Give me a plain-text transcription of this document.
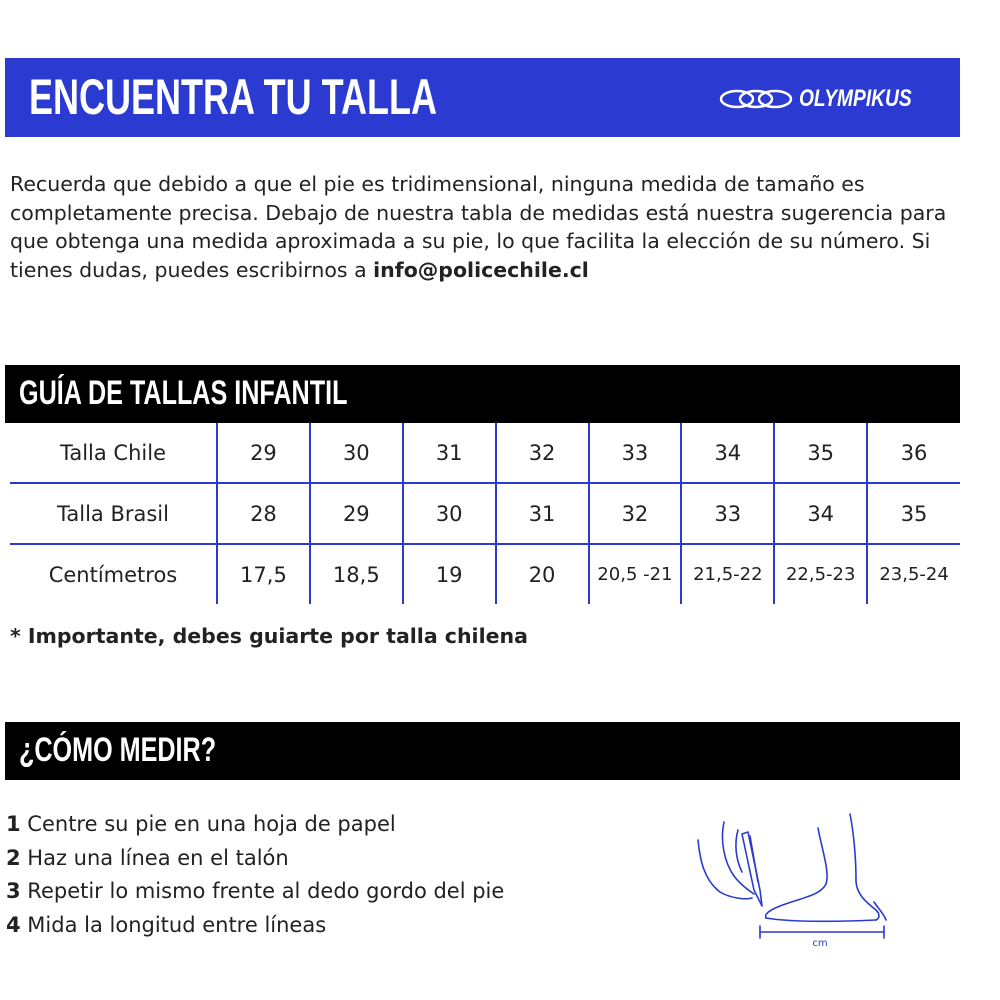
ENCUENTRA TU TALLA	OLYMPIKUS
Recuerda que debido a que el pie es tridimensional, ninguna medida de tamaño es completamente precisa. Debajo de nuestra tabla de medidas está nuestra sugerencia para que obtenga una medida aproximada a su pie, lo que facilita la elección de su número. Si tienes dudas, puedes escribirnos a info@policechile.cl
GUÍA DE TALLAS INFANTIL
Talla Chile	29	30	31	32	33	34	35	36
Talla Brasil	28	29	30	31	32	33	34	35
Centímetros	17,5	18,5	19	20	20,5 -21	21,5-22	22,5-23	23,5-24
* Importante, debes guiarte por talla chilena
¿CÓMO MEDIR?
1 Centre su pie en una hoja de papel
2 Haz una línea en el talón
3 Repetir lo mismo frente al dedo gordo del pie
4 Mida la longitud entre líneas
cm
